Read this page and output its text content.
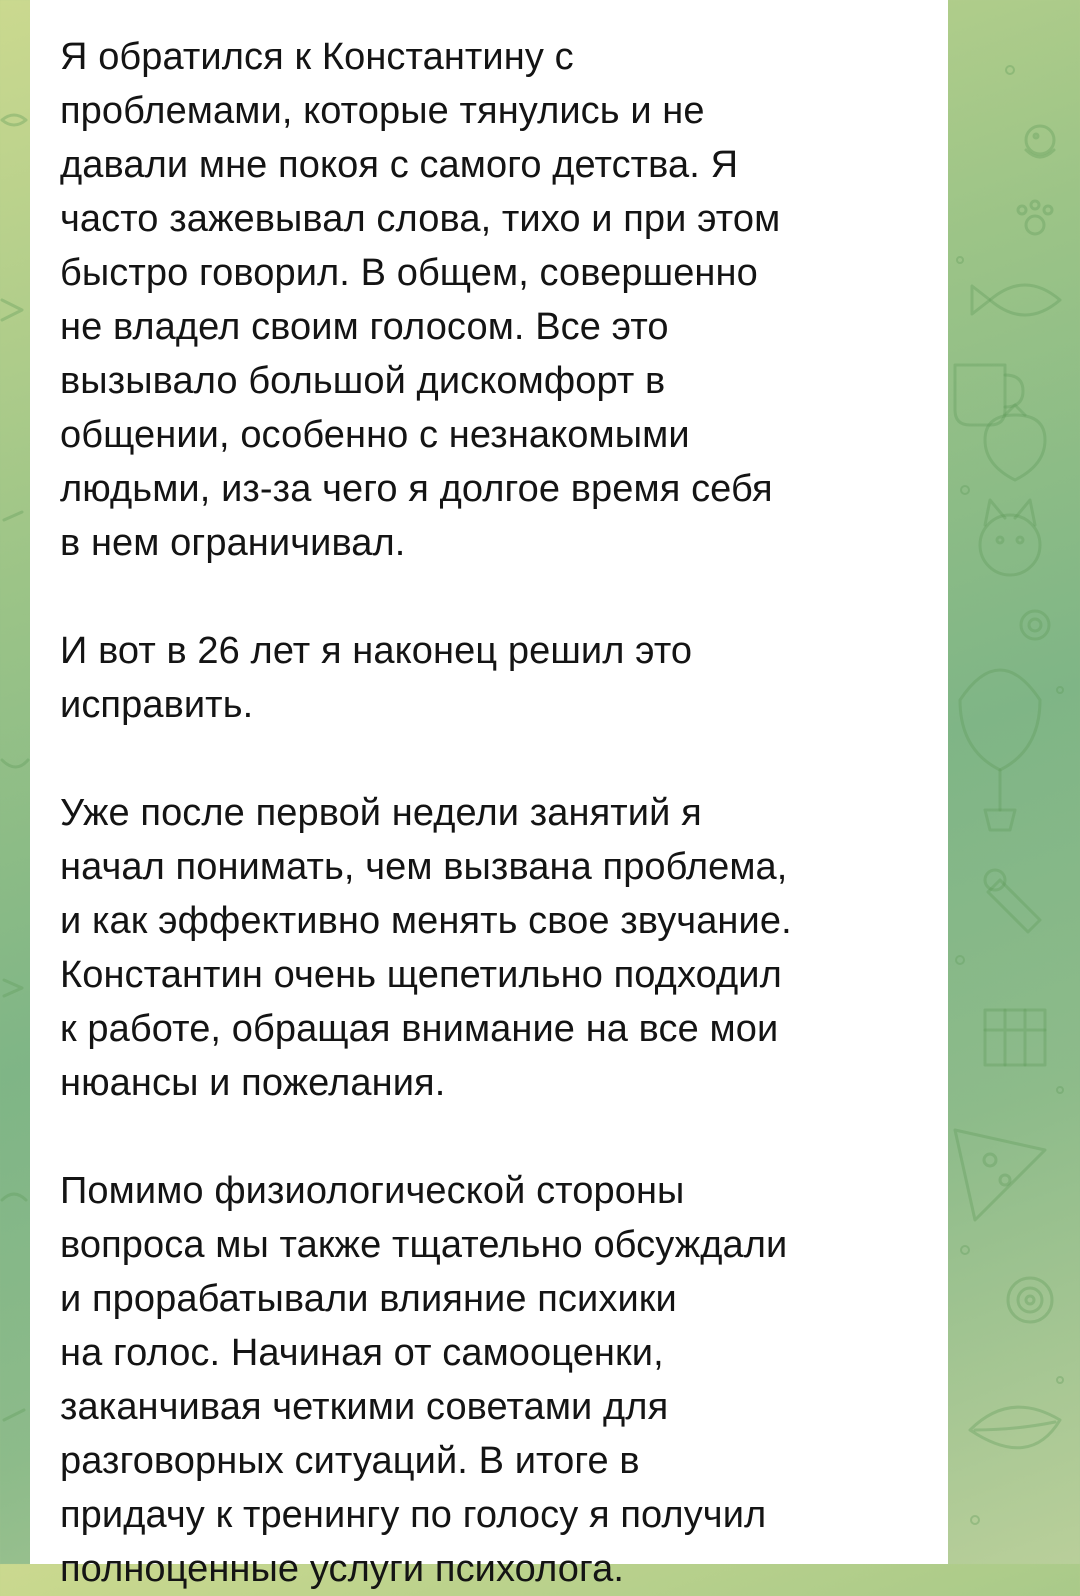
Я обратился к Константину с
проблемами, которые тянулись и не
давали мне покоя с самого детства. Я
часто зажевывал слова, тихо и при этом
быстро говорил. В общем, совершенно
не владел своим голосом. Все это
вызывало большой дискомфорт в
общении, особенно с незнакомыми
людьми, из-за чего я долгое время себя
в нем ограничивал.
И вот в 26 лет я наконец решил это
исправить.
Уже после первой недели занятий я
начал понимать, чем вызвана проблема,
и как эффективно менять свое звучание.
Константин очень щепетильно подходил
к работе, обращая внимание на все мои
нюансы и пожелания.
Помимо физиологической стороны
вопроса мы также тщательно обсуждали
и прорабатывали влияние психики
на голос. Начиная от самооценки,
заканчивая четкими советами для
разговорных ситуаций. В итоге в
придачу к тренингу по голосу я получил
полноценные услуги психолога.
